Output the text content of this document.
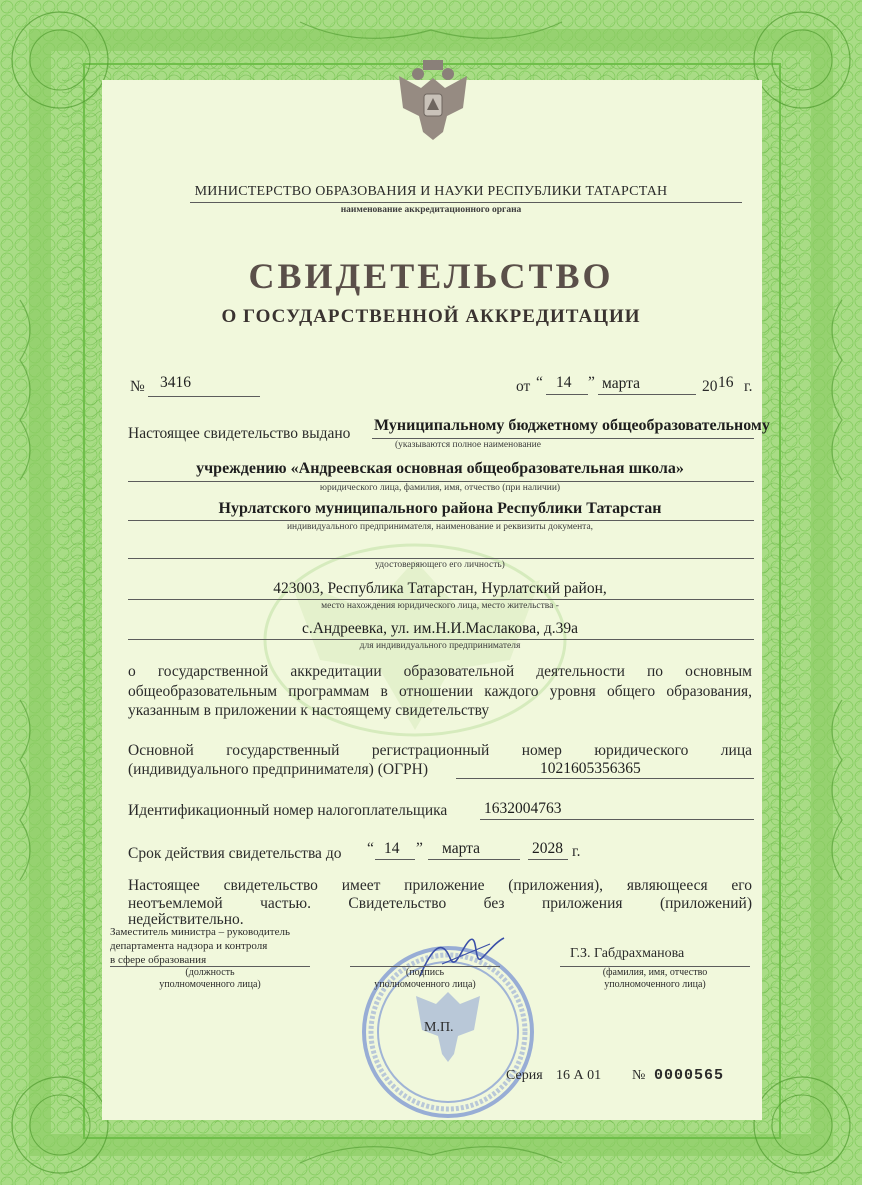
МИНИСТЕРСТВО ОБРАЗОВАНИЯ И НАУКИ РЕСПУБЛИКИ ТАТАРСТАН
наименование аккредитационного органа
СВИДЕТЕЛЬСТВО
О ГОСУДАРСТВЕННОЙ АККРЕДИТАЦИИ
№ 3416	от “ 14 ” марта	20 16 г.
Настоящее свидетельство выдано Муниципальному бюджетному общеобразовательному
(указываются полное наименование
учреждению «Андреевская основная общеобразовательная школа»
юридического лица, фамилия, имя, отчество (при наличии)
Нурлатского муниципального района Республики Татарстан
индивидуального предпринимателя, наименование и реквизиты документа,
удостоверяющего его личность)
423003, Республика Татарстан, Нурлатский район,
место нахождения юридического лица, место жительства -
с.Андреевка, ул. им.Н.И.Маслакова, д.39а
для индивидуального предпринимателя
о государственной аккредитации образовательной деятельности по основным
общеобразовательным программам в отношении каждого уровня общего образования,
указанным в приложении к настоящему свидетельству
Основной государственный регистрационный номер юридического лица
(индивидуального предпринимателя) (ОГРН)	1021605356365
Идентификационный номер налогоплательщика 1632004763
Срок действия свидетельства до “ 14 ” марта	2028 г.
Настоящее свидетельство имеет приложение (приложения), являющееся его
неотъемлемой частью. Свидетельство без приложения (приложений)
недействительно.
Заместитель министра – руководитель
департамента надзора и контроля
в сфере образования
(должность
уполномоченного лица)
(подпись
уполномоченного лица)
Г.З. Габдрахманова
(фамилия, имя, отчество
уполномоченного лица)
М.П.
Серия 16 А 01 № 0000565
